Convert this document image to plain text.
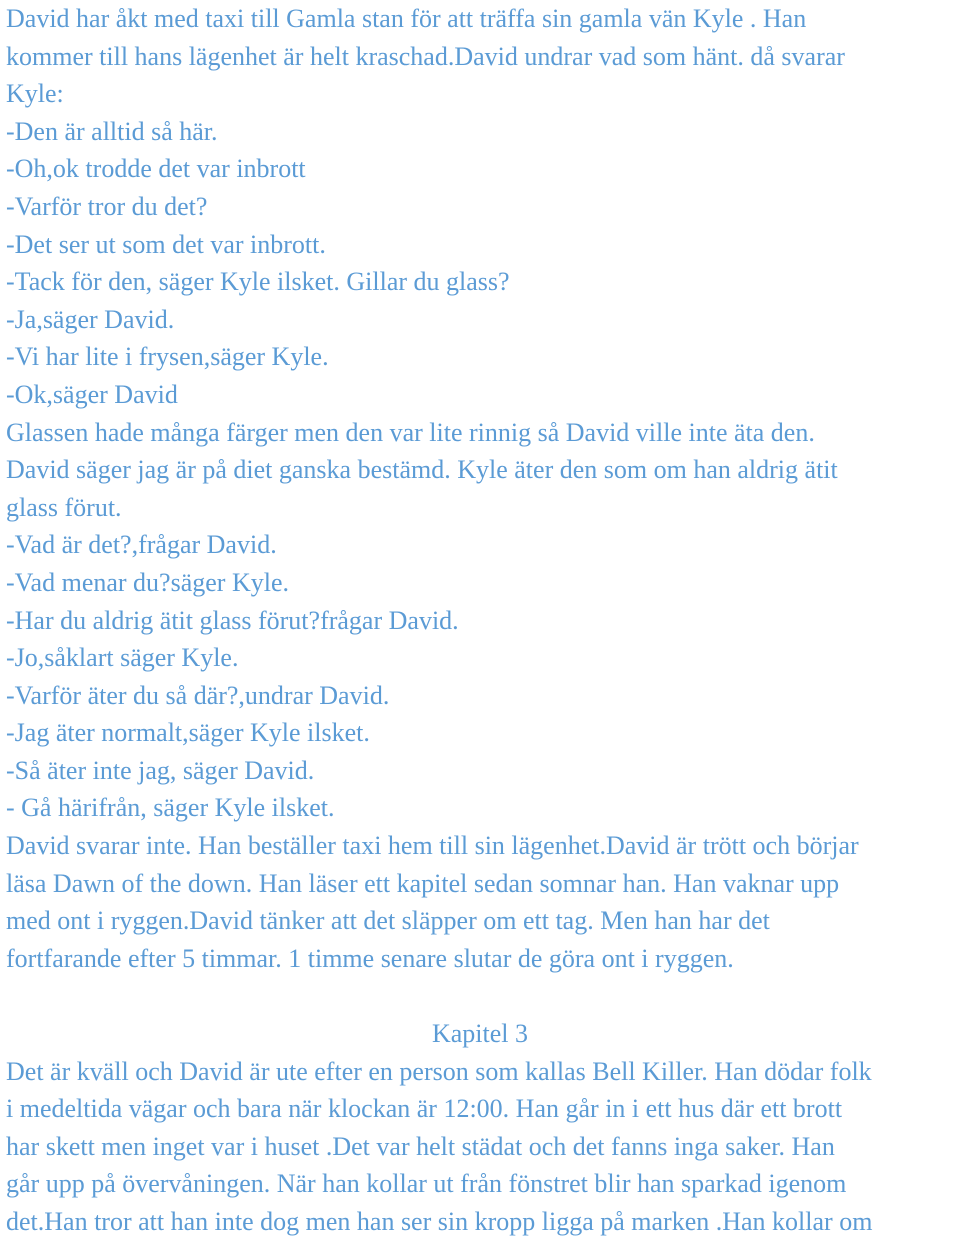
David har åkt med taxi till Gamla stan för att träffa sin gamla vän Kyle . Han
kommer till hans lägenhet är helt kraschad.David undrar vad som hänt. då svarar
Kyle:
-Den är alltid så här.
-Oh,ok trodde det var inbrott
-Varför tror du det?
-Det ser ut som det var inbrott.
-Tack för den, säger Kyle ilsket. Gillar du glass?
-Ja,säger David.
-Vi har lite i frysen,säger Kyle.
-Ok,säger David
Glassen hade många färger men den var lite rinnig så David ville inte äta den.
David säger jag är på diet ganska bestämd. Kyle äter den som om han aldrig ätit
glass förut.
-Vad är det?,frågar David.
-Vad menar du?säger Kyle.
-Har du aldrig ätit glass förut?frågar David.
-Jo,såklart säger Kyle.
-Varför äter du så där?,undrar David.
-Jag äter normalt,säger Kyle ilsket.
-Så äter inte jag, säger David.
- Gå härifrån, säger Kyle ilsket.
David svarar inte. Han beställer taxi hem till sin lägenhet.David är trött och börjar
läsa Dawn of the down. Han läser ett kapitel sedan somnar han. Han vaknar upp
med ont i ryggen.David tänker att det släpper om ett tag. Men han har det
fortfarande efter 5 timmar. 1 timme senare slutar de göra ont i ryggen.
Kapitel 3
Det är kväll och David är ute efter en person som kallas Bell Killer. Han dödar folk
i medeltida vägar och bara när klockan är 12:00. Han går in i ett hus där ett brott
har skett men inget var i huset .Det var helt städat och det fanns inga saker. Han
går upp på övervåningen. När han kollar ut från fönstret blir han sparkad igenom
det.Han tror att han inte dog men han ser sin kropp ligga på marken .Han kollar om
